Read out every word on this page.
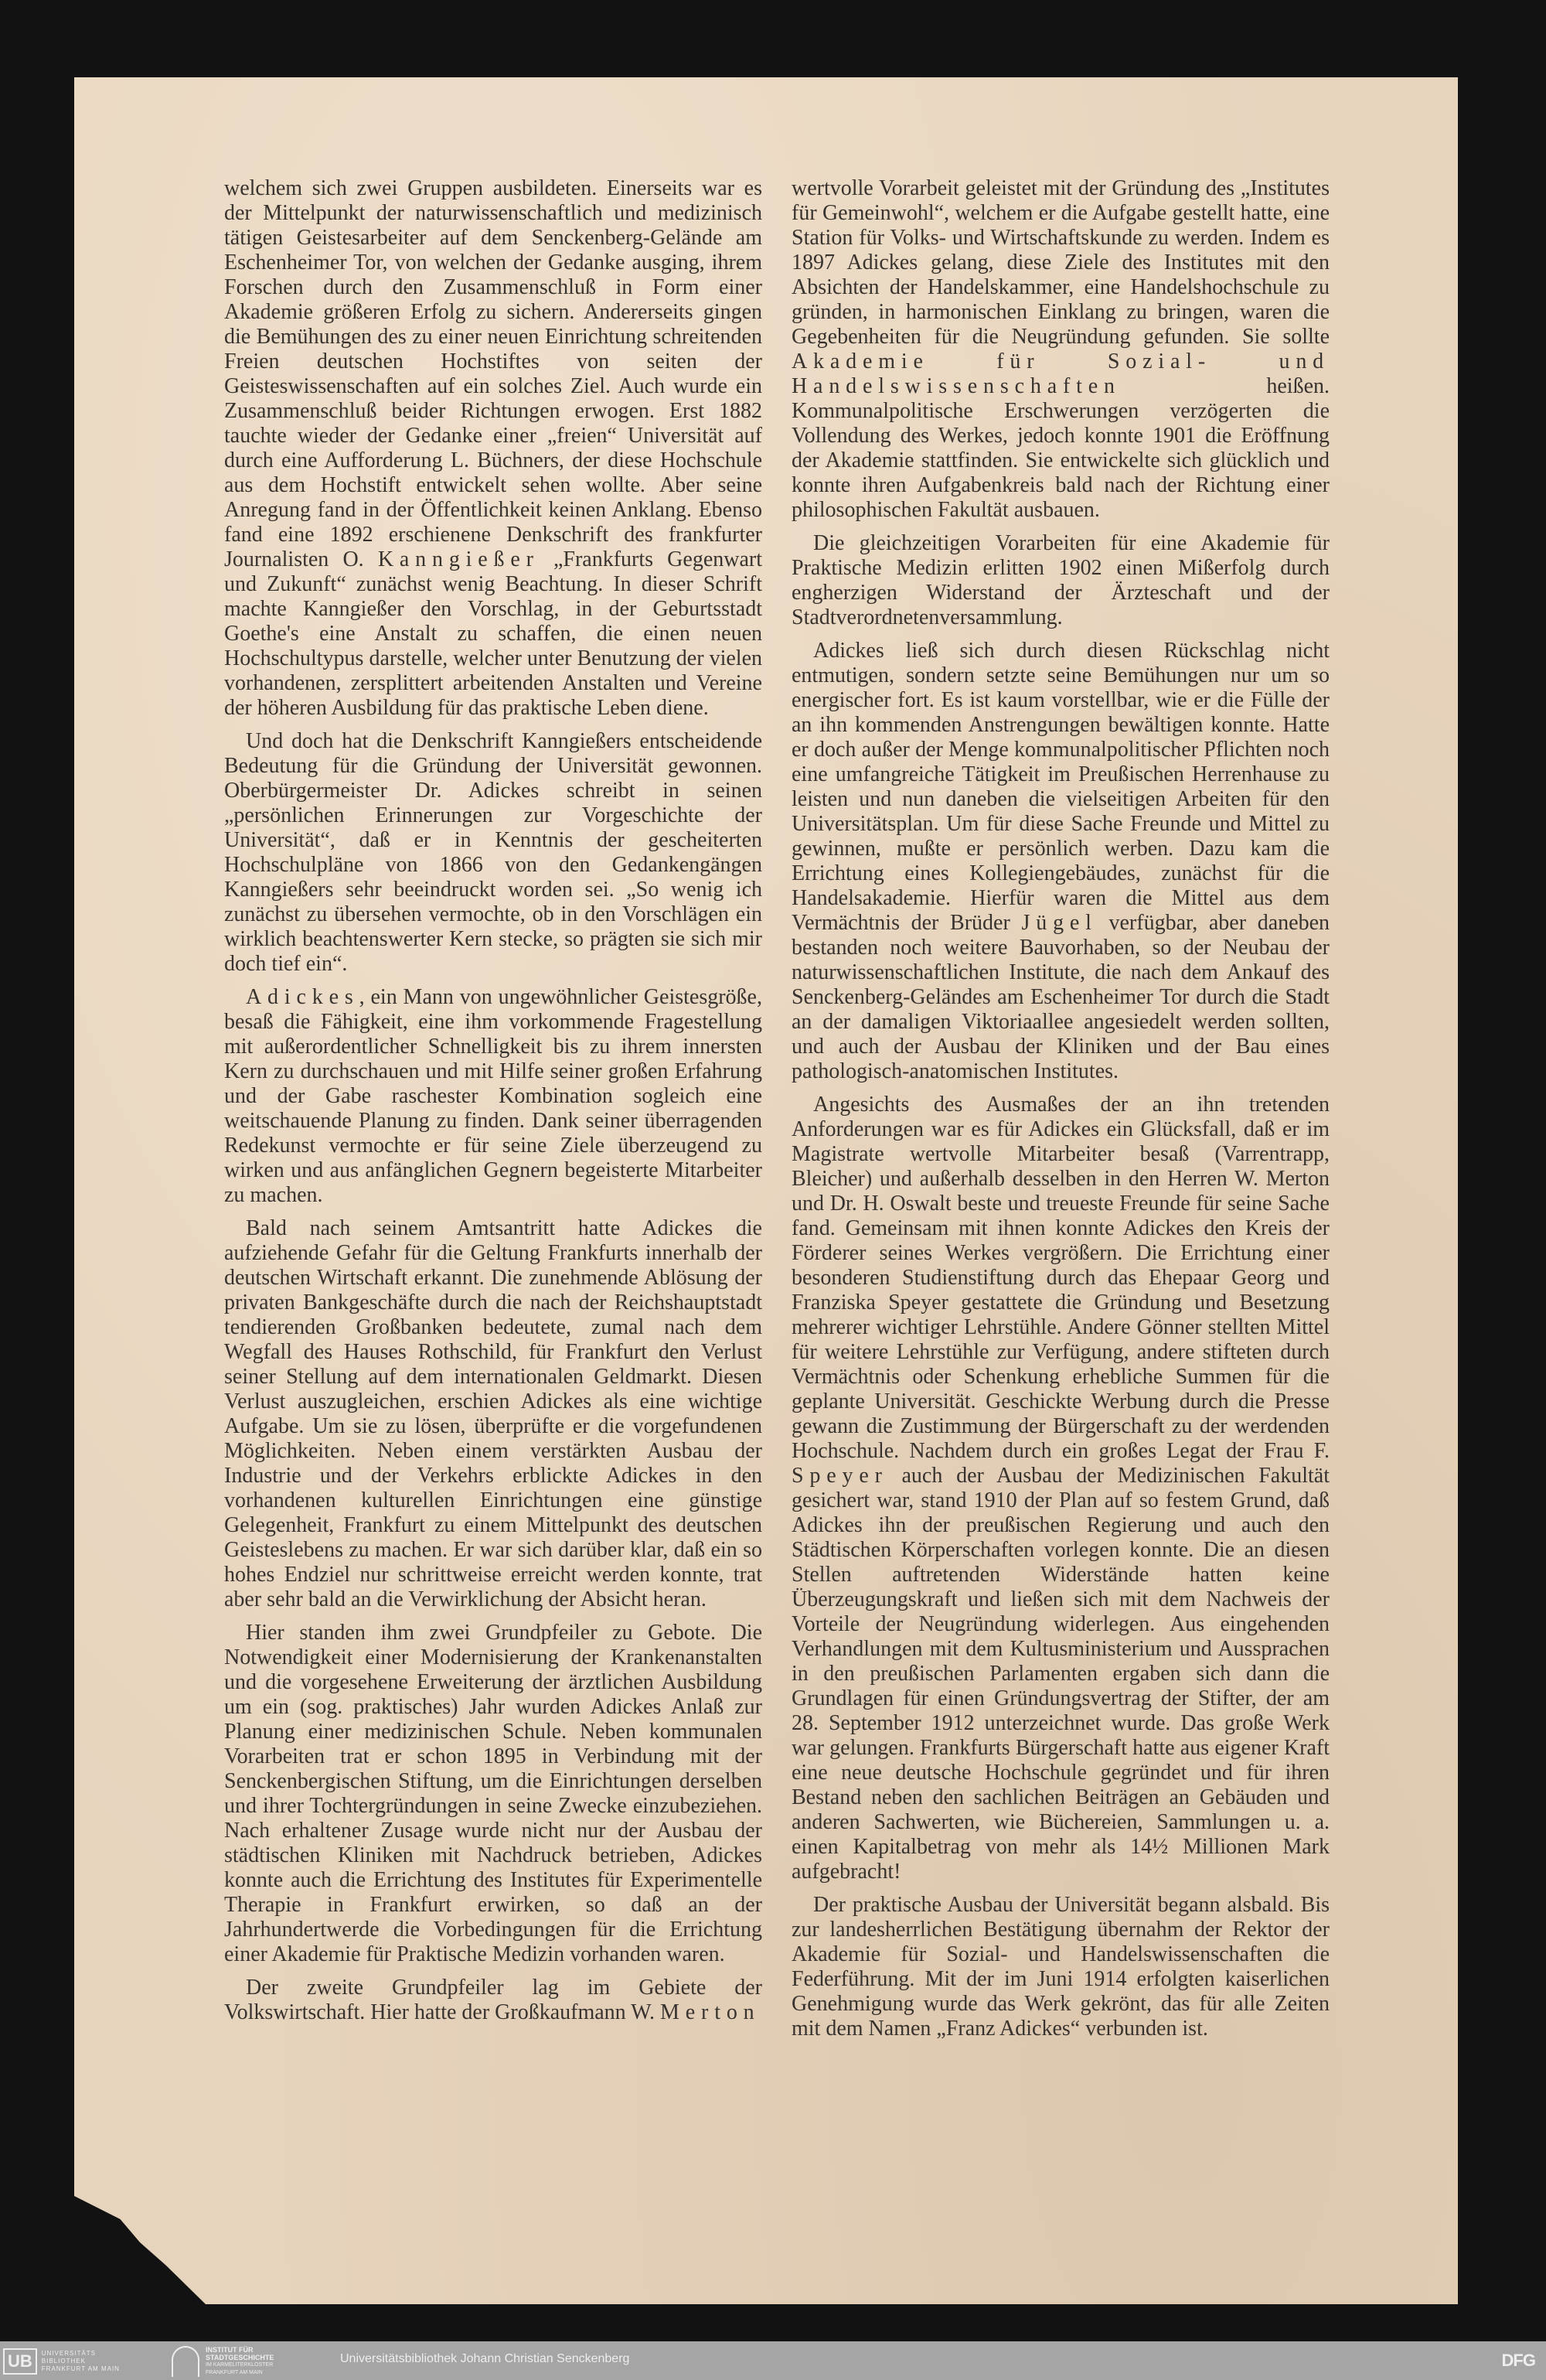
welchem sich zwei Gruppen ausbildeten. Einerseits war es der Mittelpunkt der naturwissenschaftlich und medizinisch tätigen Geistesarbeiter auf dem Senckenberg-Gelände am Eschenheimer Tor, von welchen der Gedanke ausging, ihrem Forschen durch den Zusammenschluß in Form einer Akademie größeren Erfolg zu sichern. Andererseits gingen die Bemühungen des zu einer neuen Einrichtung schreitenden Freien deutschen Hochstiftes von seiten der Geisteswissenschaften auf ein solches Ziel. Auch wurde ein Zusammenschluß beider Richtungen erwogen. Erst 1882 tauchte wieder der Gedanke einer „freien“ Universität auf durch eine Aufforderung L. Büchners, der diese Hochschule aus dem Hochstift entwickelt sehen wollte. Aber seine Anregung fand in der Öffentlichkeit keinen Anklang. Ebenso fand eine 1892 erschienene Denkschrift des frankfurter Journalisten O. Kanngießer „Frankfurts Gegenwart und Zukunft“ zunächst wenig Beachtung. In dieser Schrift machte Kanngießer den Vorschlag, in der Geburtsstadt Goethe's eine Anstalt zu schaffen, die einen neuen Hochschultypus darstelle, welcher unter Benutzung der vielen vorhandenen, zersplittert arbeitenden Anstalten und Vereine der höheren Ausbildung für das praktische Leben diene.

Und doch hat die Denkschrift Kanngießers entscheidende Bedeutung für die Gründung der Universität gewonnen. Oberbürgermeister Dr. Adickes schreibt in seinen „persönlichen Erinnerungen zur Vorgeschichte der Universität“, daß er in Kenntnis der gescheiterten Hochschulpläne von 1866 von den Gedankengängen Kanngießers sehr beeindruckt worden sei. „So wenig ich zunächst zu übersehen vermochte, ob in den Vorschlägen ein wirklich beachtenswerter Kern stecke, so prägten sie sich mir doch tief ein“.

Adickes, ein Mann von ungewöhnlicher Geistesgröße, besaß die Fähigkeit, eine ihm vorkommende Fragestellung mit außerordentlicher Schnelligkeit bis zu ihrem innersten Kern zu durchschauen und mit Hilfe seiner großen Erfahrung und der Gabe raschester Kombination sogleich eine weitschauende Planung zu finden. Dank seiner überragenden Redekunst vermochte er für seine Ziele überzeugend zu wirken und aus anfänglichen Gegnern begeisterte Mitarbeiter zu machen.

Bald nach seinem Amtsantritt hatte Adickes die aufziehende Gefahr für die Geltung Frankfurts innerhalb der deutschen Wirtschaft erkannt. Die zunehmende Ablösung der privaten Bankgeschäfte durch die nach der Reichshauptstadt tendierenden Großbanken bedeutete, zumal nach dem Wegfall des Hauses Rothschild, für Frankfurt den Verlust seiner Stellung auf dem internationalen Geldmarkt. Diesen Verlust auszugleichen, erschien Adickes als eine wichtige Aufgabe. Um sie zu lösen, überprüfte er die vorgefundenen Möglichkeiten. Neben einem verstärkten Ausbau der Industrie und der Verkehrs erblickte Adickes in den vorhandenen kulturellen Einrichtungen eine günstige Gelegenheit, Frankfurt zu einem Mittelpunkt des deutschen Geisteslebens zu machen. Er war sich darüber klar, daß ein so hohes Endziel nur schrittweise erreicht werden konnte, trat aber sehr bald an die Verwirklichung der Absicht heran.

Hier standen ihm zwei Grundpfeiler zu Gebote. Die Notwendigkeit einer Modernisierung der Krankenanstalten und die vorgesehene Erweiterung der ärztlichen Ausbildung um ein (sog. praktisches) Jahr wurden Adickes Anlaß zur Planung einer medizinischen Schule. Neben kommunalen Vorarbeiten trat er schon 1895 in Verbindung mit der Senckenbergischen Stiftung, um die Einrichtungen derselben und ihrer Tochtergründungen in seine Zwecke einzubeziehen. Nach erhaltener Zusage wurde nicht nur der Ausbau der städtischen Kliniken mit Nachdruck betrieben, Adickes konnte auch die Errichtung des Institutes für Experimentelle Therapie in Frankfurt erwirken, so daß an der Jahrhundertwerde die Vorbedingungen für die Errichtung einer Akademie für Praktische Medizin vorhanden waren.

Der zweite Grundpfeiler lag im Gebiete der Volkswirtschaft. Hier hatte der Großkaufmann W. Merton

wertvolle Vorarbeit geleistet mit der Gründung des „Institutes für Gemeinwohl“, welchem er die Aufgabe gestellt hatte, eine Station für Volks- und Wirtschaftskunde zu werden. Indem es 1897 Adickes gelang, diese Ziele des Institutes mit den Absichten der Handelskammer, eine Handelshochschule zu gründen, in harmonischen Einklang zu bringen, waren die Gegebenheiten für die Neugründung gefunden. Sie sollte Akademie für Sozial- und Handelswissenschaften heißen. Kommunalpolitische Erschwerungen verzögerten die Vollendung des Werkes, jedoch konnte 1901 die Eröffnung der Akademie stattfinden. Sie entwickelte sich glücklich und konnte ihren Aufgabenkreis bald nach der Richtung einer philosophischen Fakultät ausbauen.

Die gleichzeitigen Vorarbeiten für eine Akademie für Praktische Medizin erlitten 1902 einen Mißerfolg durch engherzigen Widerstand der Ärzteschaft und der Stadtverordnetenversammlung.

Adickes ließ sich durch diesen Rückschlag nicht entmutigen, sondern setzte seine Bemühungen nur um so energischer fort. Es ist kaum vorstellbar, wie er die Fülle der an ihn kommenden Anstrengungen bewältigen konnte. Hatte er doch außer der Menge kommunalpolitischer Pflichten noch eine umfangreiche Tätigkeit im Preußischen Herrenhause zu leisten und nun daneben die vielseitigen Arbeiten für den Universitätsplan. Um für diese Sache Freunde und Mittel zu gewinnen, mußte er persönlich werben. Dazu kam die Errichtung eines Kollegiengebäudes, zunächst für die Handelsakademie. Hierfür waren die Mittel aus dem Vermächtnis der Brüder Jügel verfügbar, aber daneben bestanden noch weitere Bauvorhaben, so der Neubau der naturwissenschaftlichen Institute, die nach dem Ankauf des Senckenberg-Geländes am Eschenheimer Tor durch die Stadt an der damaligen Viktoriaallee angesiedelt werden sollten, und auch der Ausbau der Kliniken und der Bau eines pathologisch-anatomischen Institutes.

Angesichts des Ausmaßes der an ihn tretenden Anforderungen war es für Adickes ein Glücksfall, daß er im Magistrate wertvolle Mitarbeiter besaß (Varrentrapp, Bleicher) und außerhalb desselben in den Herren W. Merton und Dr. H. Oswalt beste und treueste Freunde für seine Sache fand. Gemeinsam mit ihnen konnte Adickes den Kreis der Förderer seines Werkes vergrößern. Die Errichtung einer besonderen Studienstiftung durch das Ehepaar Georg und Franziska Speyer gestattete die Gründung und Besetzung mehrerer wichtiger Lehrstühle. Andere Gönner stellten Mittel für weitere Lehrstühle zur Verfügung, andere stifteten durch Vermächtnis oder Schenkung erhebliche Summen für die geplante Universität. Geschickte Werbung durch die Presse gewann die Zustimmung der Bürgerschaft zu der werdenden Hochschule. Nachdem durch ein großes Legat der Frau F. Speyer auch der Ausbau der Medizinischen Fakultät gesichert war, stand 1910 der Plan auf so festem Grund, daß Adickes ihn der preußischen Regierung und auch den Städtischen Körperschaften vorlegen konnte. Die an diesen Stellen auftretenden Widerstände hatten keine Überzeugungskraft und ließen sich mit dem Nachweis der Vorteile der Neugründung widerlegen. Aus eingehenden Verhandlungen mit dem Kultusministerium und Aussprachen in den preußischen Parlamenten ergaben sich dann die Grundlagen für einen Gründungsvertrag der Stifter, der am 28. September 1912 unterzeichnet wurde. Das große Werk war gelungen. Frankfurts Bürgerschaft hatte aus eigener Kraft eine neue deutsche Hochschule gegründet und für ihren Bestand neben den sachlichen Beiträgen an Gebäuden und anderen Sachwerten, wie Büchereien, Sammlungen u. a. einen Kapitalbetrag von mehr als 14½ Millionen Mark aufgebracht!

Der praktische Ausbau der Universität begann alsbald. Bis zur landesherrlichen Bestätigung übernahm der Rektor der Akademie für Sozial- und Handelswissenschaften die Federführung. Mit der im Juni 1914 erfolgten kaiserlichen Genehmigung wurde das Werk gekrönt, das für alle Zeiten mit dem Namen „Franz Adickes“ verbunden ist.

UB	UNIVERSITÄTS
BIBLIOTHEK
FRANKFURT AM MAIN
INSTITUT FÜR
STADTGESCHICHTE
IM KARMELITERKLOSTER
FRANKFURT AM MAIN
Universitätsbibliothek Johann Christian Senckenberg	DFG
